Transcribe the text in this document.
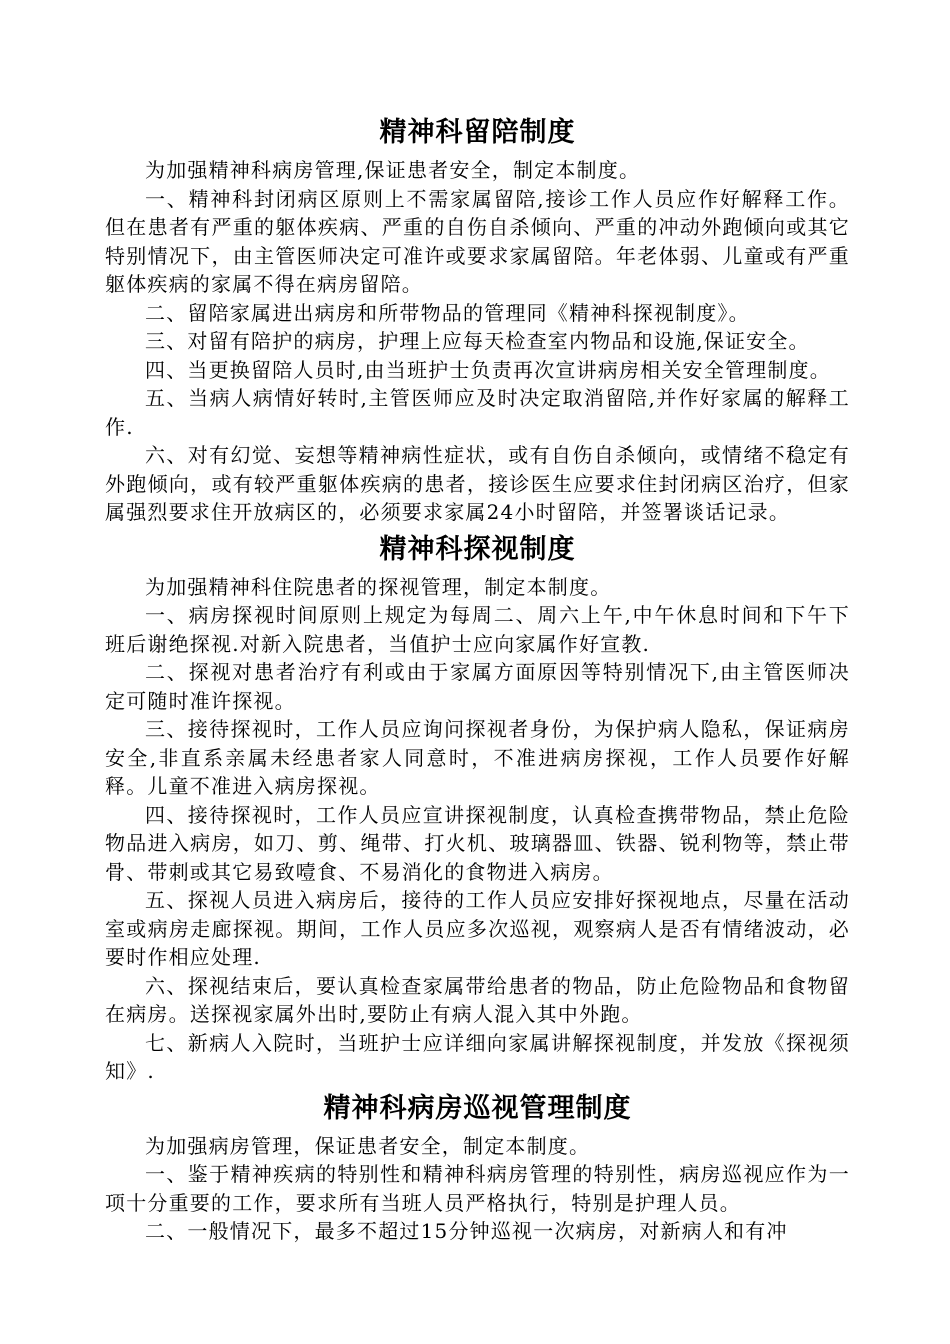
精神科留陪制度

为加强精神科病房管理,保证患者安全，制定本制度。

一、精神科封闭病区原则上不需家属留陪,接诊工作人员应作好解释工作。但在患者有严重的躯体疾病、严重的自伤自杀倾向、严重的冲动外跑倾向或其它特别情况下，由主管医师决定可准许或要求家属留陪。年老体弱、儿童或有严重躯体疾病的家属不得在病房留陪。

二、留陪家属进出病房和所带物品的管理同《精神科探视制度》。

三、对留有陪护的病房，护理上应每天检查室内物品和设施,保证安全。

四、当更换留陪人员时,由当班护士负责再次宣讲病房相关安全管理制度。

五、当病人病情好转时,主管医师应及时决定取消留陪,并作好家属的解释工作.

六、对有幻觉、妄想等精神病性症状，或有自伤自杀倾向，或情绪不稳定有外跑倾向，或有较严重躯体疾病的患者，接诊医生应要求住封闭病区治疗，但家属强烈要求住开放病区的，必须要求家属24小时留陪，并签署谈话记录。

精神科探视制度

为加强精神科住院患者的探视管理，制定本制度。

一、病房探视时间原则上规定为每周二、周六上午,中午休息时间和下午下班后谢绝探视.对新入院患者，当值护士应向家属作好宣教.

二、探视对患者治疗有利或由于家属方面原因等特别情况下,由主管医师决定可随时准许探视。

三、接待探视时，工作人员应询问探视者身份，为保护病人隐私，保证病房安全,非直系亲属未经患者家人同意时，不准进病房探视，工作人员要作好解释。儿童不准进入病房探视。

四、接待探视时，工作人员应宣讲探视制度，认真检查携带物品，禁止危险物品进入病房，如刀、剪、绳带、打火机、玻璃器皿、铁器、锐利物等，禁止带骨、带刺或其它易致噎食、不易消化的食物进入病房。

五、探视人员进入病房后，接待的工作人员应安排好探视地点，尽量在活动室或病房走廊探视。期间，工作人员应多次巡视，观察病人是否有情绪波动，必要时作相应处理.

六、探视结束后，要认真检查家属带给患者的物品，防止危险物品和食物留在病房。送探视家属外出时,要防止有病人混入其中外跑。

七、新病人入院时，当班护士应详细向家属讲解探视制度，并发放《探视须知》.

精神科病房巡视管理制度

为加强病房管理，保证患者安全，制定本制度。

一、鉴于精神疾病的特别性和精神科病房管理的特别性，病房巡视应作为一项十分重要的工作，要求所有当班人员严格执行，特别是护理人员。

二、一般情况下，最多不超过15分钟巡视一次病房，对新病人和有冲
